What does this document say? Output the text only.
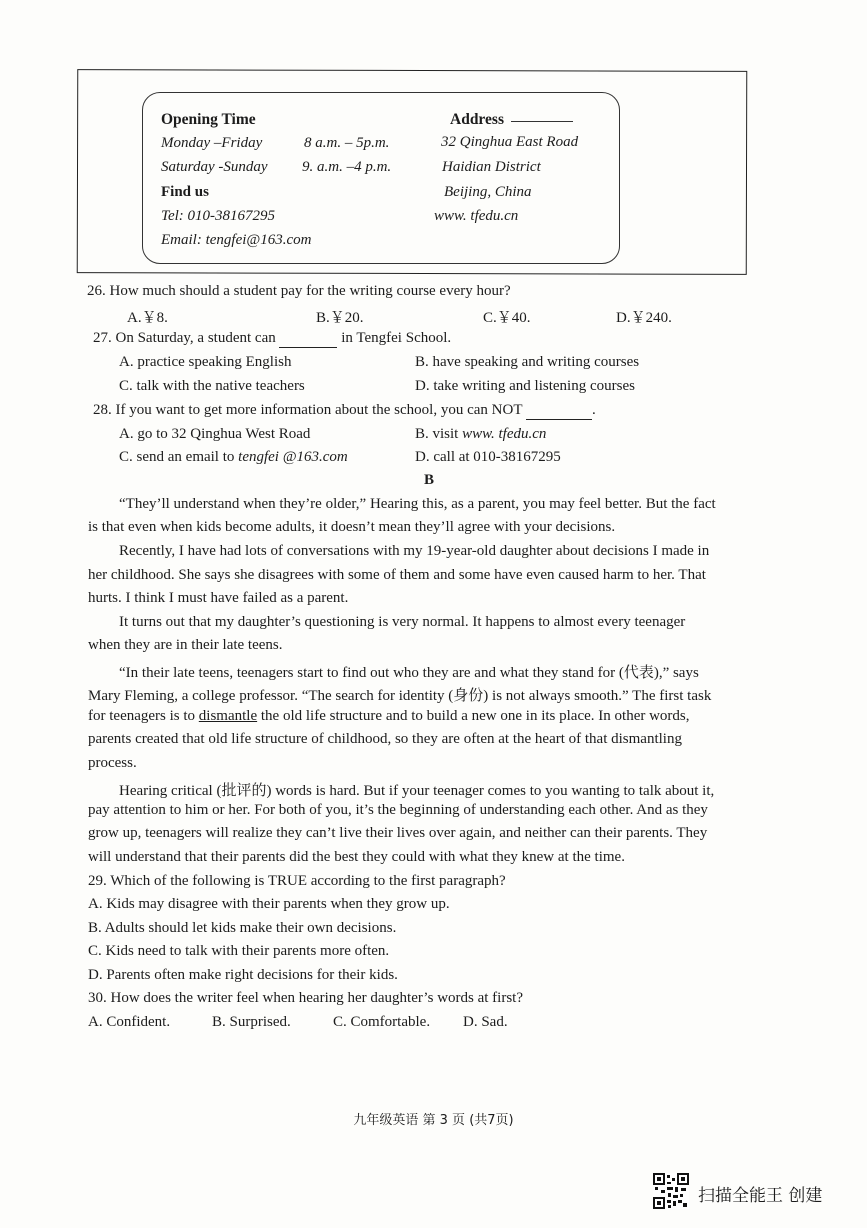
Opening Time
Monday –Friday	8 a.m. – 5p.m.
Saturday -Sunday 9. a.m. –4 p.m.
Find us
Tel: 010-38167295
Email: tengfei@163.com
Address
32 Qinghua East Road
Haidian District
Beijing, China
www. tfedu.cn
26. How much should a student pay for the writing course every hour?
A.￥8.	B.￥20.	C.￥40.	D.￥240.
27. On Saturday, a student can	in Tengfei School.
A. practice speaking English	B. have speaking and writing courses
C. talk with the native teachers	D. take writing and listening courses
28. If you want to get more information about the school, you can NOT	.
A. go to 32 Qinghua West Road	B. visit www. tfedu.cn
C. send an email to tengfei @163.com	D. call at 010-38167295
B
“They’ll understand when they’re older,” Hearing this, as a parent, you may feel better. But the fact
is that even when kids become adults, it doesn’t mean they’ll agree with your decisions.
Recently, I have had lots of conversations with my 19-year-old daughter about decisions I made in
her childhood. She says she disagrees with some of them and some have even caused harm to her. That
hurts. I think I must have failed as a parent.
It turns out that my daughter’s questioning is very normal. It happens to almost every teenager
when they are in their late teens.
“In their late teens, teenagers start to find out who they are and what they stand for (代表),” says
Mary Fleming, a college professor. “The search for identity (身份) is not always smooth.” The first task
for teenagers is to dismantle the old life structure and to build a new one in its place. In other words,
parents created that old life structure of childhood, so they are often at the heart of that dismantling
process.
Hearing critical (批评的) words is hard. But if your teenager comes to you wanting to talk about it,
pay attention to him or her. For both of you, it’s the beginning of understanding each other. And as they
grow up, teenagers will realize they can’t live their lives over again, and neither can their parents. They
will understand that their parents did the best they could with what they knew at the time.
29. Which of the following is TRUE according to the first paragraph?
A. Kids may disagree with their parents when they grow up.
B. Adults should let kids make their own decisions.
C. Kids need to talk with their parents more often.
D. Parents often make right decisions for their kids.
30. How does the writer feel when hearing her daughter’s words at first?
A. Confident.	B. Surprised.	C. Comfortable. D. Sad.
九年级英语 第 3 页 (共7页)
扫描全能王 创建
